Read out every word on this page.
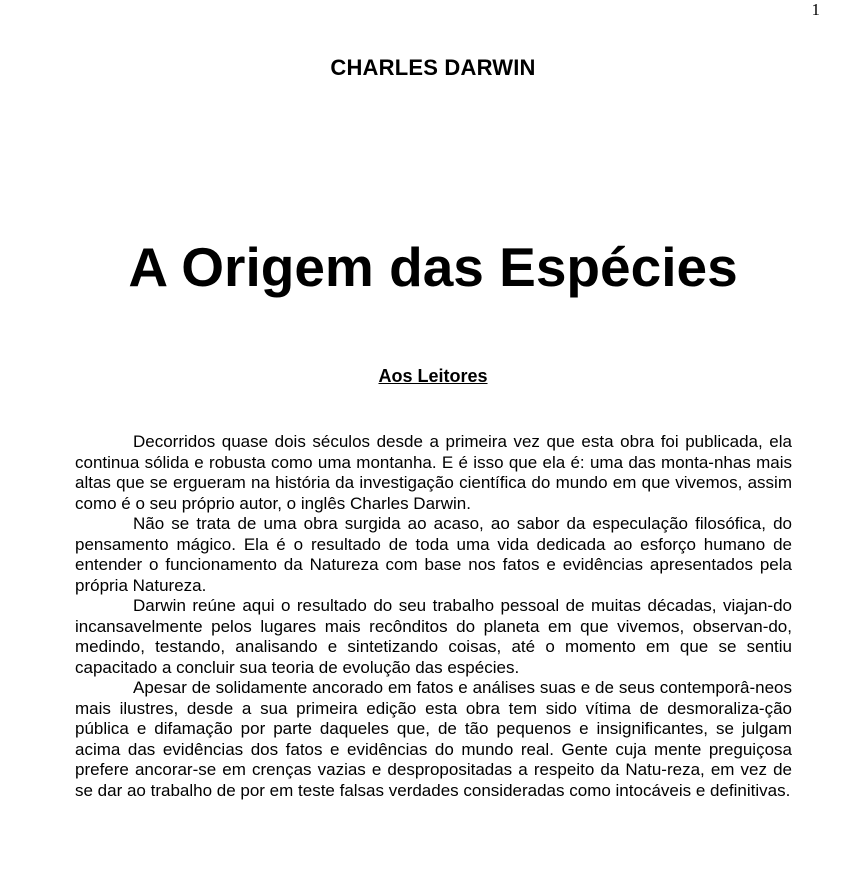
1
CHARLES DARWIN
A Origem das Espécies
Aos Leitores

Decorridos quase dois séculos desde a primeira vez que esta obra foi publicada, ela continua sólida e robusta como uma montanha. E é isso que ela é: uma das monta-nhas mais altas que se ergueram na história da investigação científica do mundo em que vivemos, assim como é o seu próprio autor, o inglês Charles Darwin.

Não se trata de uma obra surgida ao acaso, ao sabor da especulação filosófica, do pensamento mágico. Ela é o resultado de toda uma vida dedicada ao esforço humano de entender o funcionamento da Natureza com base nos fatos e evidências apresentados pela própria Natureza.

Darwin reúne aqui o resultado do seu trabalho pessoal de muitas décadas, viajan-do incansavelmente pelos lugares mais recônditos do planeta em que vivemos, observan-do, medindo, testando, analisando e sintetizando coisas, até o momento em que se sentiu capacitado a concluir sua teoria de evolução das espécies.

Apesar de solidamente ancorado em fatos e análises suas e de seus contemporâ-neos mais ilustres, desde a sua primeira edição esta obra tem sido vítima de desmoraliza-ção pública e difamação por parte daqueles que, de tão pequenos e insignificantes, se julgam acima das evidências dos fatos e evidências do mundo real. Gente cuja mente preguiçosa prefere ancorar-se em crenças vazias e despropositadas a respeito da Natu-reza, em vez de se dar ao trabalho de por em teste falsas verdades consideradas como intocáveis e definitivas.
